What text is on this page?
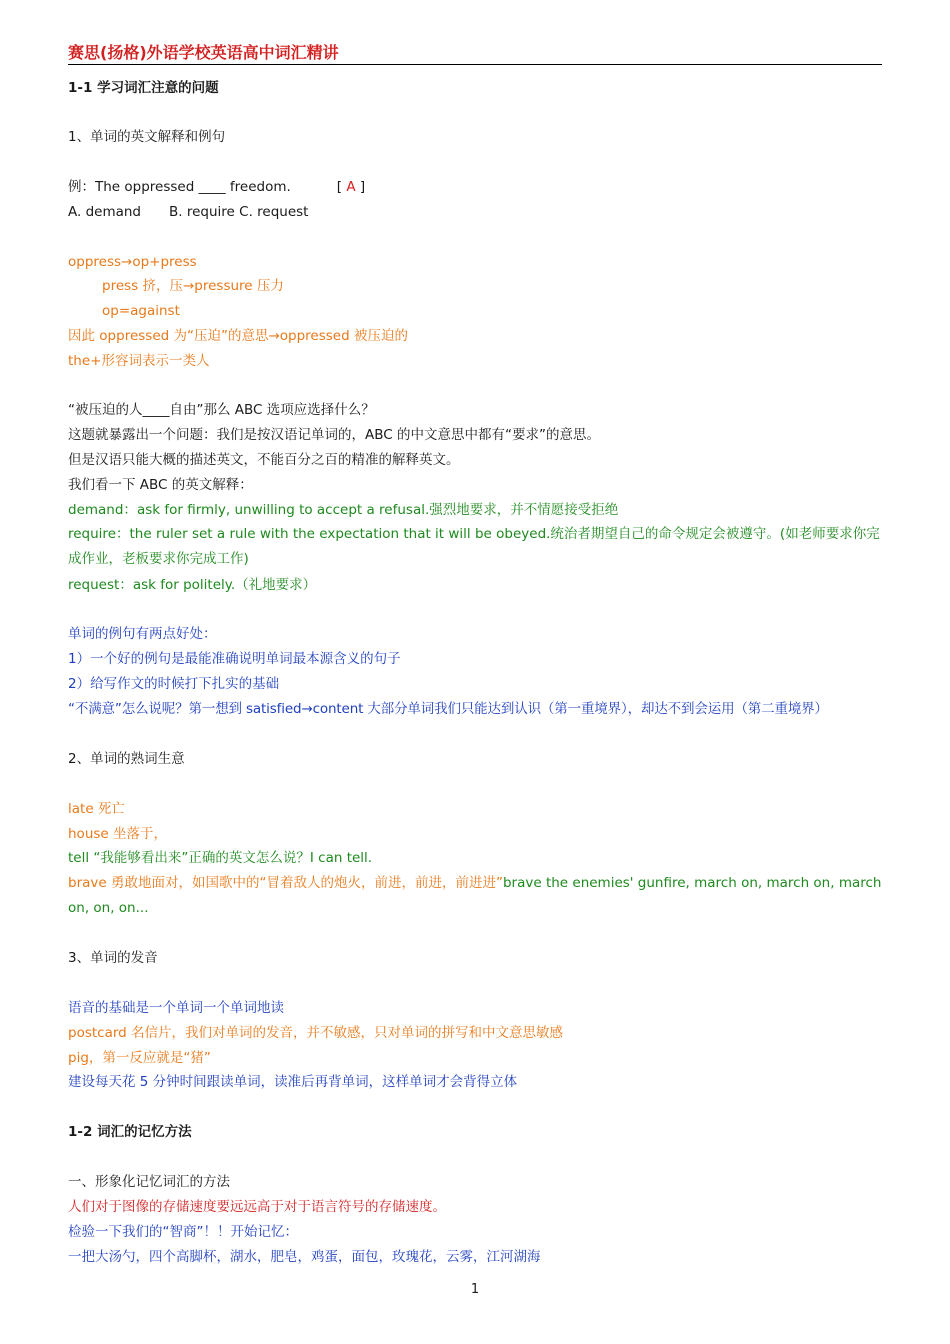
赛思(扬格)外语学校英语高中词汇精讲
1-1 学习词汇注意的问题
1、单词的英文解释和例句
例：The oppressed ____ freedom.	[ A ]
A. demand B. require C. request
oppress→op+press
press 挤，压→pressure 压力
op=against
因此 oppressed 为“压迫”的意思→oppressed 被压迫的
the+形容词表示一类人
“被压迫的人____自由”那么 ABC 选项应选择什么？
这题就暴露出一个问题：我们是按汉语记单词的，ABC 的中文意思中都有“要求”的意思。
但是汉语只能大概的描述英文，不能百分之百的精准的解释英文。
我们看一下 ABC 的英文解释：
demand：ask for firmly, unwilling to accept a refusal.强烈地要求，并不情愿接受拒绝
require：the ruler set a rule with the expectation that it will be obeyed.统治者期望自己的命令规定会被遵守。(如老师要求你完成作业，老板要求你完成工作)
request：ask for politely.（礼地要求）
单词的例句有两点好处：
1）一个好的例句是最能准确说明单词最本源含义的句子
2）给写作文的时候打下扎实的基础
“不满意”怎么说呢？第一想到 satisfied→content 大部分单词我们只能达到认识（第一重境界），却达不到会运用（第二重境界）
2、单词的熟词生意
late 死亡
house 坐落于，
tell “我能够看出来”正确的英文怎么说？I can tell.
brave 勇敢地面对，如国歌中的“冒着敌人的炮火，前进，前进，前进进”brave the enemies' gunfire, march on, march on, march on, on, on...
3、单词的发音
语音的基础是一个单词一个单词地读
postcard 名信片，我们对单词的发音，并不敏感，只对单词的拼写和中文意思敏感
pig，第一反应就是“猪”
建设每天花 5 分钟时间跟读单词，读准后再背单词，这样单词才会背得立体
1-2 词汇的记忆方法
一、形象化记忆词汇的方法
人们对于图像的存储速度要远远高于对于语言符号的存储速度。
检验一下我们的“智商”！！开始记忆：
一把大汤勺，四个高脚杯，湖水，肥皂，鸡蛋，面包，玫瑰花，云雾，江河湖海
1
